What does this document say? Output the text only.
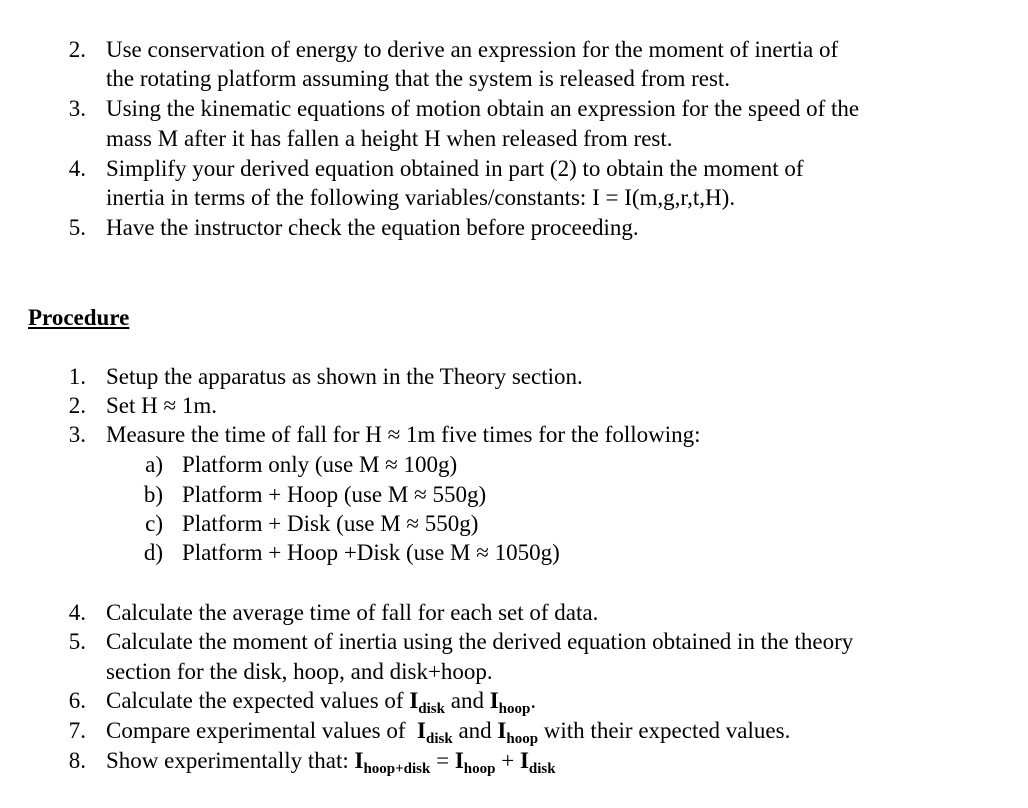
2. Use conservation of energy to derive an expression for the moment of inertia of
the rotating platform assuming that the system is released from rest.
3. Using the kinematic equations of motion obtain an expression for the speed of the
mass M after it has fallen a height H when released from rest.
4. Simplify your derived equation obtained in part (2) to obtain the moment of
inertia in terms of the following variables/constants: I = I(m,g,r,t,H).
5. Have the instructor check the equation before proceeding.
Procedure
1. Setup the apparatus as shown in the Theory section.
2. Set H ≈ 1m.
3. Measure the time of fall for H ≈ 1m five times for the following:
a) Platform only (use M ≈ 100g)
b) Platform + Hoop (use M ≈ 550g)
c) Platform + Disk (use M ≈ 550g)
d) Platform + Hoop +Disk (use M ≈ 1050g)
4. Calculate the average time of fall for each set of data.
5. Calculate the moment of inertia using the derived equation obtained in the theory
section for the disk, hoop, and disk+hoop.
6. Calculate the expected values of $I_{disk}$ and $I_{hoop}$.
7. Compare experimental values of  $I_{disk}$ and $I_{hoop}$ with their expected values.
8. Show experimentally that: $I_{hoop+disk} = I_{hoop} + I_{disk}$
